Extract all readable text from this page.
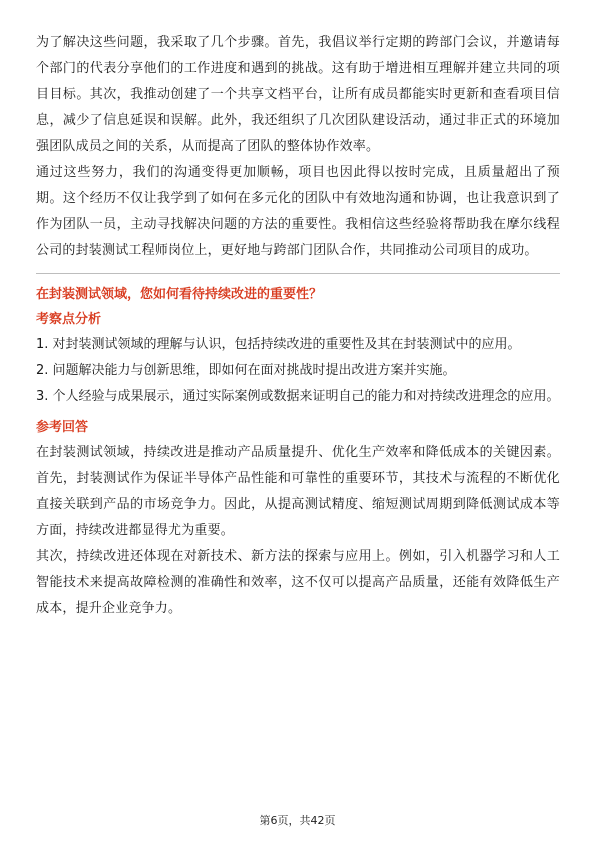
为了解决这些问题，我采取了几个步骤。首先，我倡议举行定期的跨部门会议，并邀请每个部门的代表分享他们的工作进度和遇到的挑战。这有助于增进相互理解并建立共同的项目目标。其次，我推动创建了一个共享文档平台，让所有成员都能实时更新和查看项目信息，减少了信息延误和误解。此外，我还组织了几次团队建设活动，通过非正式的环境加强团队成员之间的关系，从而提高了团队的整体协作效率。

通过这些努力，我们的沟通变得更加顺畅，项目也因此得以按时完成，且质量超出了预期。这个经历不仅让我学到了如何在多元化的团队中有效地沟通和协调，也让我意识到了作为团队一员，主动寻找解决问题的方法的重要性。我相信这些经验将帮助我在摩尔线程公司的封装测试工程师岗位上，更好地与跨部门团队合作，共同推动公司项目的成功。

在封装测试领域，您如何看待持续改进的重要性？

考察点分析

1. 对封装测试领域的理解与认识，包括持续改进的重要性及其在封装测试中的应用。

2. 问题解决能力与创新思维，即如何在面对挑战时提出改进方案并实施。

3. 个人经验与成果展示，通过实际案例或数据来证明自己的能力和对持续改进理念的应用。

参考回答

在封装测试领域，持续改进是推动产品质量提升、优化生产效率和降低成本的关键因素。首先，封装测试作为保证半导体产品性能和可靠性的重要环节，其技术与流程的不断优化直接关联到产品的市场竞争力。因此，从提高测试精度、缩短测试周期到降低测试成本等方面，持续改进都显得尤为重要。

其次，持续改进还体现在对新技术、新方法的探索与应用上。例如，引入机器学习和人工智能技术来提高故障检测的准确性和效率，这不仅可以提高产品质量，还能有效降低生产成本，提升企业竞争力。

第6页，共42页
